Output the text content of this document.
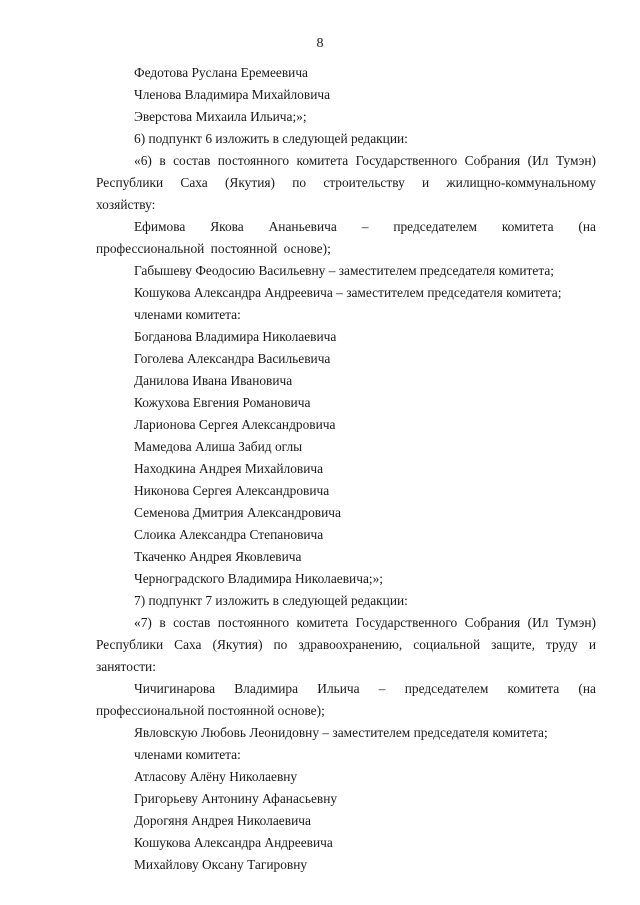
8

Федотова Руслана Еремеевича

Членова Владимира Михайловича

Эверстова Михаила Ильича;»;

6) подпункт 6 изложить в следующей редакции:

«6) в состав постоянного комитета Государственного Собрания (Ил Тумэн) Республики Саха (Якутия) по строительству и жилищно-коммунальному хозяйству:

Ефимова Якова Ананьевича – председателем комитета (на профессиональной постоянной основе);

Габышеву Феодосию Васильевну – заместителем председателя комитета;

Кошукова Александра Андреевича – заместителем председателя комитета;

членами комитета:

Богданова Владимира Николаевича

Гоголева Александра Васильевича

Данилова Ивана Ивановича

Кожухова Евгения Романовича

Ларионова Сергея Александровича

Мамедова Алиша Забид оглы

Находкина Андрея Михайловича

Никонова Сергея Александровича

Семенова Дмитрия Александровича

Слоика Александра Степановича

Ткаченко Андрея Яковлевича

Черноградского Владимира Николаевича;»;

7) подпункт 7 изложить в следующей редакции:

«7) в состав постоянного комитета Государственного Собрания (Ил Тумэн) Республики Саха (Якутия) по здравоохранению, социальной защите, труду и занятости:

Чичигинарова Владимира Ильича – председателем комитета (на профессиональной постоянной основе);

Явловскую Любовь Леонидовну – заместителем председателя комитета;

членами комитета:

Атласову Алёну Николаевну

Григорьеву Антонину Афанасьевну

Дорогяня Андрея Николаевича

Кошукова Александра Андреевича

Михайлову Оксану Тагировну
